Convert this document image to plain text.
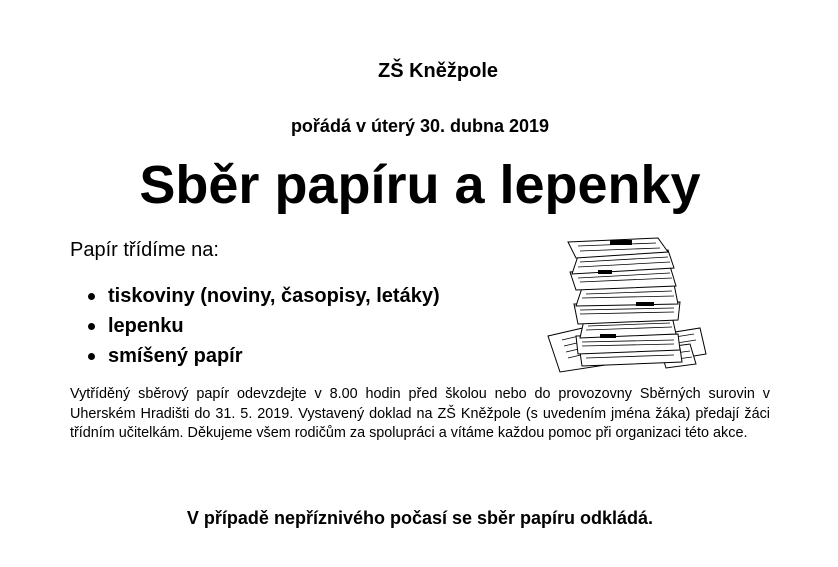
ZŠ Kněžpole
pořádá v úterý 30. dubna 2019
Sběr papíru a lepenky
Papír třídíme na:
tiskoviny (noviny, časopisy, letáky)
lepenku
smíšený papír
Vytříděný sběrový papír odevzdejte v 8.00 hodin před školou nebo do provozovny Sběrných surovin v Uherském Hradišti do 31. 5. 2019. Vystavený doklad na ZŠ Kněžpole (s uvedením jména žáka) předají žáci třídním učitelkám. Děkujeme všem rodičům za spolupráci a vítáme každou pomoc při organizaci této akce.
V případě nepříznivého počasí se sběr papíru odkládá.
